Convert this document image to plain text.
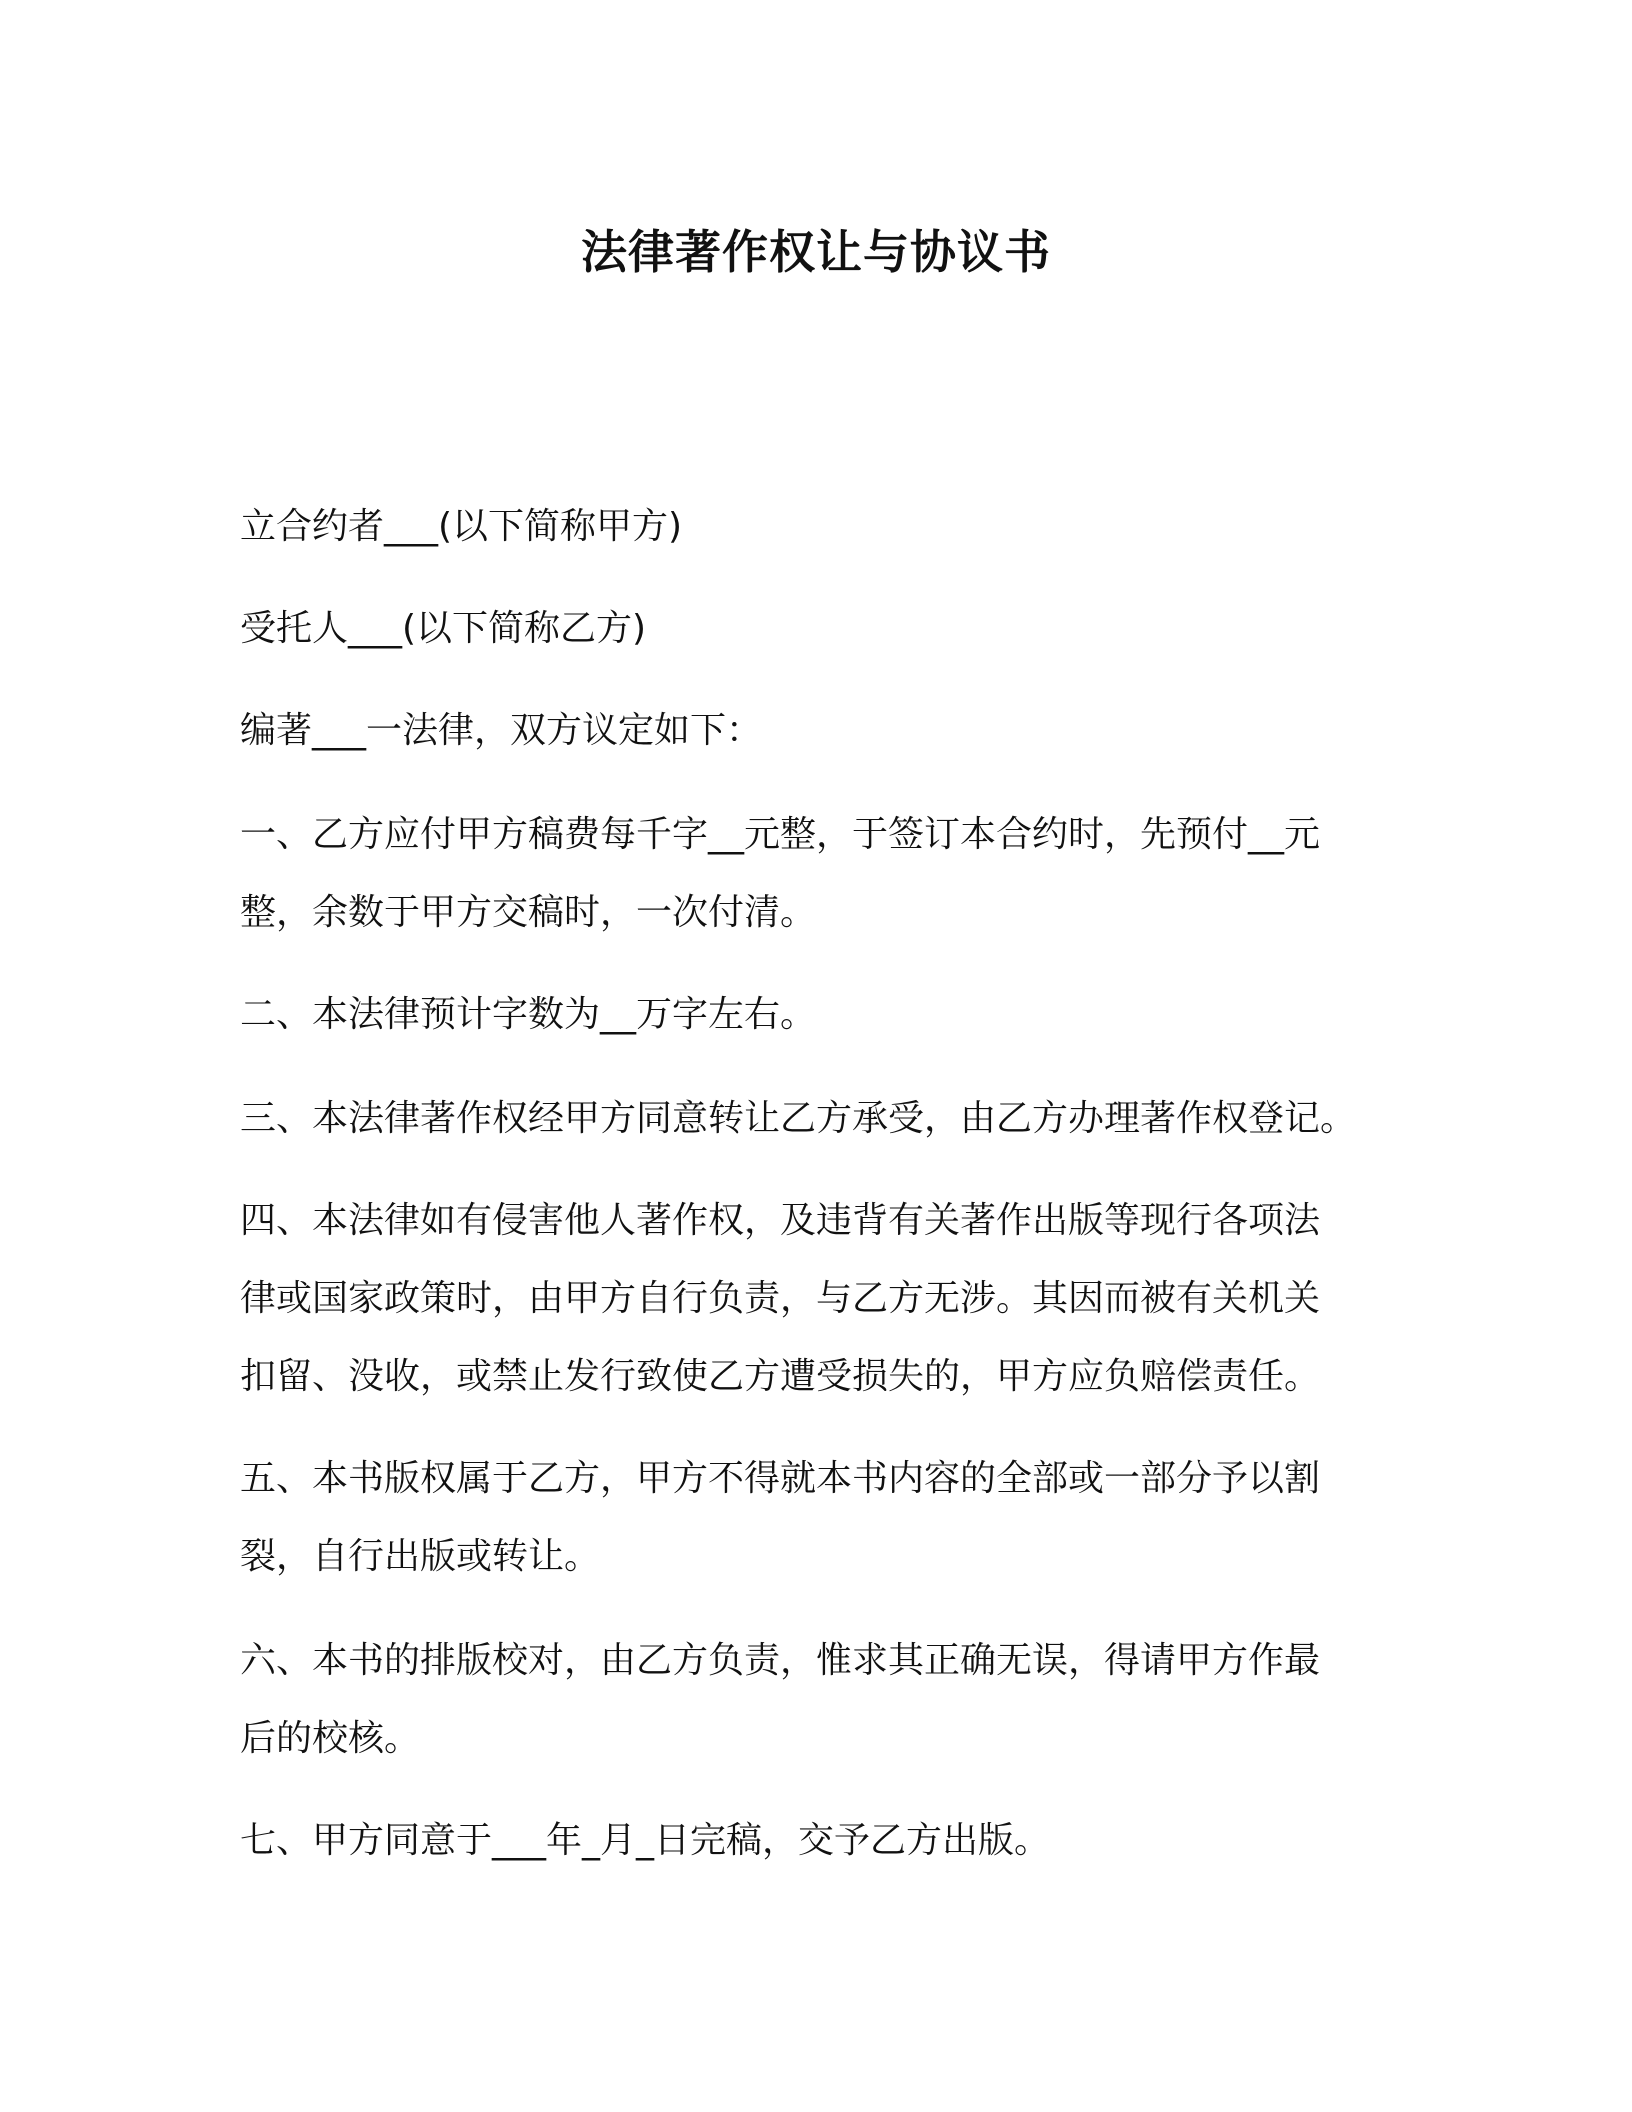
法律著作权让与协议书
立合约者___(以下简称甲方)
受托人___(以下简称乙方)
编著___一法律，双方议定如下：
一、乙方应付甲方稿费每千字__元整，于签订本合约时，先预付__元
整，余数于甲方交稿时，一次付清。
二、本法律预计字数为__万字左右。
三、本法律著作权经甲方同意转让乙方承受，由乙方办理著作权登记。
四、本法律如有侵害他人著作权，及违背有关著作出版等现行各项法
律或国家政策时，由甲方自行负责，与乙方无涉。其因而被有关机关
扣留、没收，或禁止发行致使乙方遭受损失的，甲方应负赔偿责任。
五、本书版权属于乙方，甲方不得就本书内容的全部或一部分予以割
裂，自行出版或转让。
六、本书的排版校对，由乙方负责，惟求其正确无误，得请甲方作最
后的校核。
七、甲方同意于___年_月_日完稿，交予乙方出版。
